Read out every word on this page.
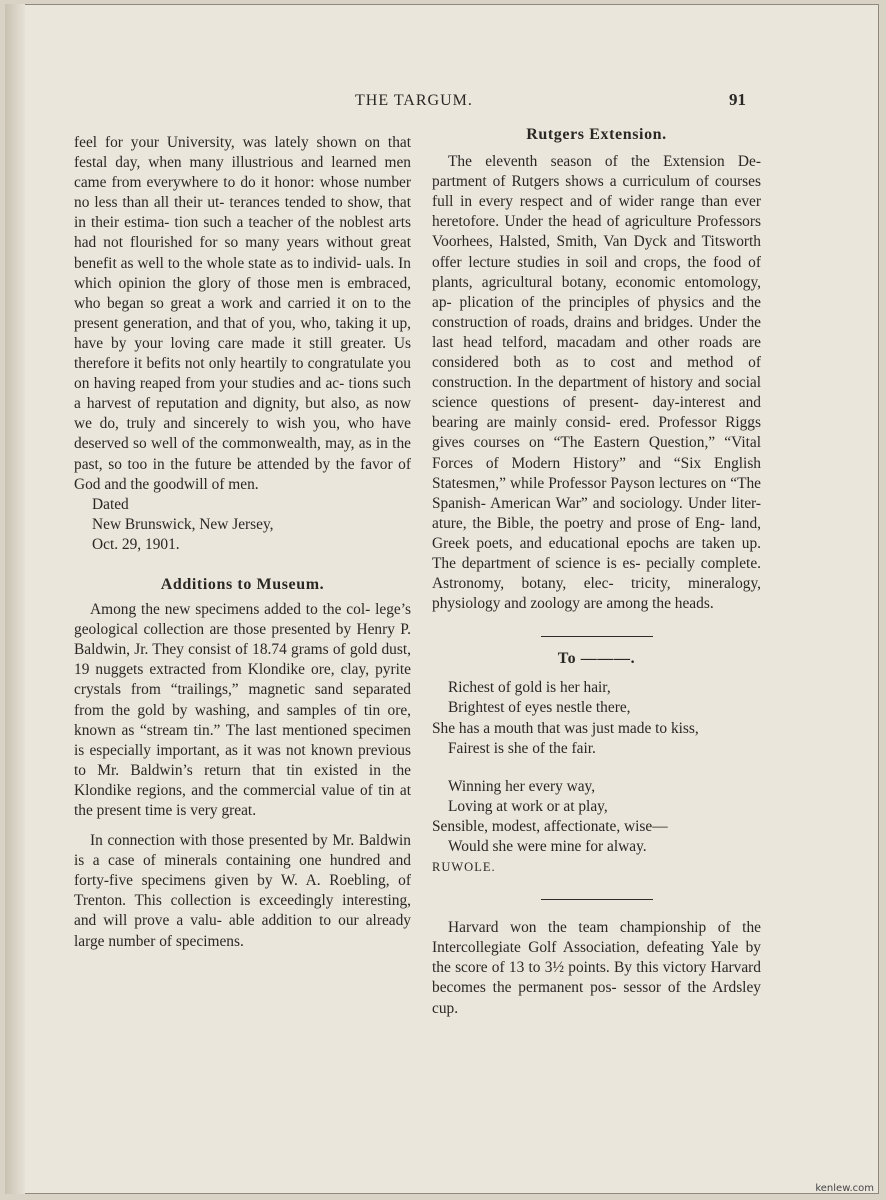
THE TARGUM.	91

feel for your University, was lately shown on that festal day, when many illustrious and learned men came from everywhere to do it honor: whose number no less than all their ut- terances tended to show, that in their estima- tion such a teacher of the noblest arts had not flourished for so many years without great benefit as well to the whole state as to individ- uals. In which opinion the glory of those men is embraced, who began so great a work and carried it on to the present generation, and that of you, who, taking it up, have by your loving care made it still greater. Us therefore it befits not only heartily to congratulate you on having reaped from your studies and ac- tions such a harvest of reputation and dignity, but also, as now we do, truly and sincerely to wish you, who have deserved so well of the commonwealth, may, as in the past, so too in the future be attended by the favor of God and the goodwill of men.

Dated

New Brunswick, New Jersey,

Oct. 29, 1901.

Additions to Museum.

Among the new specimens added to the col- lege’s geological collection are those presented by Henry P. Baldwin, Jr. They consist of 18.74 grams of gold dust, 19 nuggets extracted from Klondike ore, clay, pyrite crystals from “trailings,” magnetic sand separated from the gold by washing, and samples of tin ore, known as “stream tin.” The last mentioned specimen is especially important, as it was not known previous to Mr. Baldwin’s return that tin existed in the Klondike regions, and the commercial value of tin at the present time is very great.

In connection with those presented by Mr. Baldwin is a case of minerals containing one hundred and forty-five specimens given by W. A. Roebling, of Trenton. This collection is exceedingly interesting, and will prove a valu- able addition to our already large number of specimens.

Rutgers Extension.

The eleventh season of the Extension De- partment of Rutgers shows a curriculum of courses full in every respect and of wider range than ever heretofore. Under the head of agriculture Professors Voorhees, Halsted, Smith, Van Dyck and Titsworth offer lecture studies in soil and crops, the food of plants, agricultural botany, economic entomology, ap- plication of the principles of physics and the construction of roads, drains and bridges. Under the last head telford, macadam and other roads are considered both as to cost and method of construction. In the department of history and social science questions of present- day-interest and bearing are mainly consid- ered. Professor Riggs gives courses on “The Eastern Question,” “Vital Forces of Modern History” and “Six English Statesmen,” while Professor Payson lectures on “The Spanish- American War” and sociology. Under liter- ature, the Bible, the poetry and prose of Eng- land, Greek poets, and educational epochs are taken up. The department of science is es- pecially complete. Astronomy, botany, elec- tricity, mineralogy, physiology and zoology are among the heads.

To ———.

Richest of gold is her hair,

Brightest of eyes nestle there,

She has a mouth that was just made to kiss,

Fairest is she of the fair.

Winning her every way,

Loving at work or at play,

Sensible, modest, affectionate, wise—

Would she were mine for alway.

RUWOLE.

Harvard won the team championship of the Intercollegiate Golf Association, defeating Yale by the score of 13 to 3½ points. By this victory Harvard becomes the permanent pos- sessor of the Ardsley cup.

kenlew.com
